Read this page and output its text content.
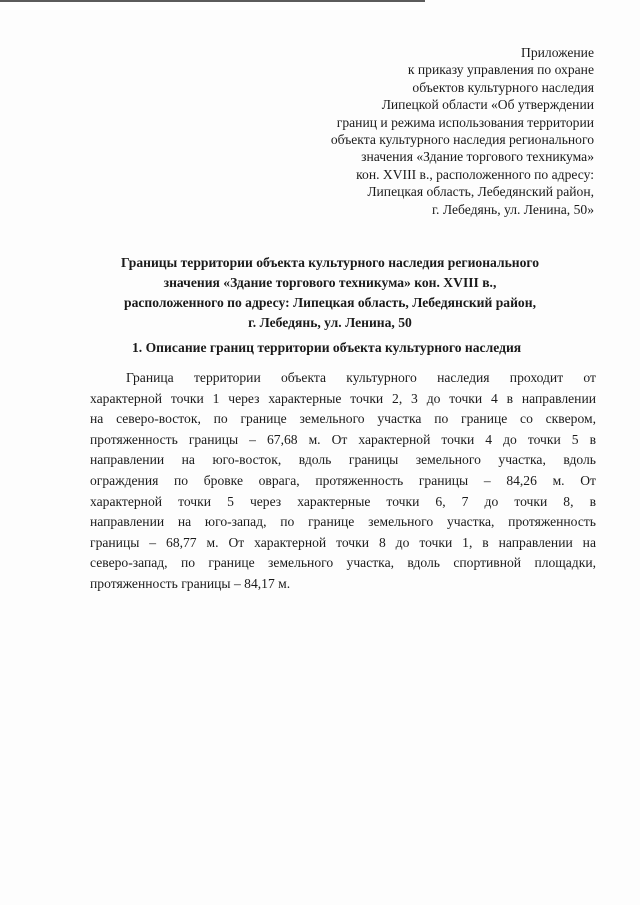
Приложение
к приказу управления по охране
объектов культурного наследия
Липецкой области «Об утверждении
границ и режима использования территории
объекта культурного наследия регионального
значения «Здание торгового техникума»
кон. XVIII в., расположенного по адресу:
Липецкая область, Лебедянский район,
г. Лебедянь, ул. Ленина, 50»
Границы территории объекта культурного наследия регионального
значения «Здание торгового техникума» кон. XVIII в.,
расположенного по адресу: Липецкая область, Лебедянский район,
г. Лебедянь, ул. Ленина, 50
1. Описание границ территории объекта культурного наследия
Граница территории объекта культурного наследия проходит от
характерной точки 1 через характерные точки 2, 3 до точки 4 в направлении
на северо-восток, по границе земельного участка по границе со сквером,
протяженность границы – 67,68 м. От характерной точки 4 до точки 5 в
направлении на юго-восток, вдоль границы земельного участка, вдоль
ограждения по бровке оврага, протяженность границы – 84,26 м. От
характерной точки 5 через характерные точки 6, 7 до точки 8, в
направлении на юго-запад, по границе земельного участка, протяженность
границы – 68,77 м. От характерной точки 8 до точки 1, в направлении на
северо-запад, по границе земельного участка, вдоль спортивной площадки,
протяженность границы – 84,17 м.
